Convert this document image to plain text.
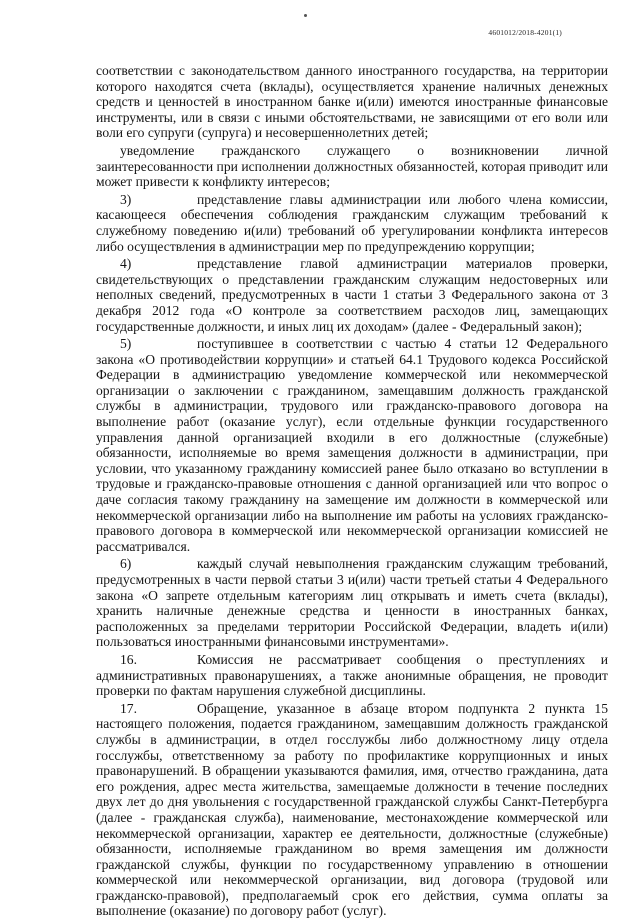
4601012/2018-4201(1)

соответствии с законодательством данного иностранного государства, на территории которого находятся счета (вклады), осуществляется хранение наличных денежных средств и ценностей в иностранном банке и(или) имеются иностранные финансовые инструменты, или в связи с иными обстоятельствами, не зависящими от его воли или воли его супруги (супруга) и несовершеннолетних детей;

уведомление гражданского служащего о возникновении личной заинтересованности при исполнении должностных обязанностей, которая приводит или может привести к конфликту интересов;

3)	представление главы администрации или любого члена комиссии, касающееся обеспечения соблюдения гражданским служащим требований к служебному поведению и(или) требований об урегулировании конфликта интересов либо осуществления в администрации мер по предупреждению коррупции;

4)	представление главой администрации материалов проверки, свидетельствующих о представлении гражданским служащим недостоверных или неполных сведений, предусмотренных в части 1 статьи 3 Федерального закона от 3 декабря 2012 года «О контроле за соответствием расходов лиц, замещающих государственные должности, и иных лиц их доходам» (далее - Федеральный закон);

5)	поступившее в соответствии с частью 4 статьи 12 Федерального закона «О противодействии коррупции» и статьей 64.1 Трудового кодекса Российской Федерации в администрацию уведомление коммерческой или некоммерческой организации о заключении с гражданином, замещавшим должность гражданской службы в администрации, трудового или гражданско-правового договора на выполнение работ (оказание услуг), если отдельные функции государственного управления данной организацией входили в его должностные (служебные) обязанности, исполняемые во время замещения должности в администрации, при условии, что указанному гражданину комиссией ранее было отказано во вступлении в трудовые и гражданско-правовые отношения с данной организацией или что вопрос о даче согласия такому гражданину на замещение им должности в коммерческой или некоммерческой организации либо на выполнение им работы на условиях гражданско-правового договора в коммерческой или некоммерческой организации комиссией не рассматривался.

6)	каждый случай невыполнения гражданским служащим требований, предусмотренных в части первой статьи 3 и(или) части третьей статьи 4 Федерального закона «О запрете отдельным категориям лиц открывать и иметь счета (вклады), хранить наличные денежные средства и ценности в иностранных банках, расположенных за пределами территории Российской Федерации, владеть и(или) пользоваться иностранными финансовыми инструментами».

16.	Комиссия не рассматривает сообщения о преступлениях и административных правонарушениях, а также анонимные обращения, не проводит проверки по фактам нарушения служебной дисциплины.

17.	Обращение, указанное в абзаце втором подпункта 2 пункта 15 настоящего положения, подается гражданином, замещавшим должность гражданской службы в администрации, в отдел госслужбы либо должностному лицу отдела госслужбы, ответственному за работу по профилактике коррупционных и иных правонарушений. В обращении указываются фамилия, имя, отчество гражданина, дата его рождения, адрес места жительства, замещаемые должности в течение последних двух лет до дня увольнения с государственной гражданской службы Санкт-Петербурга (далее - гражданская служба), наименование, местонахождение коммерческой или некоммерческой организации, характер ее деятельности, должностные (служебные) обязанности, исполняемые гражданином во время замещения им должности гражданской службы, функции по государственному управлению в отношении коммерческой или некоммерческой организации, вид договора (трудовой или гражданско-правовой), предполагаемый срок его действия, сумма оплаты за выполнение (оказание) по договору работ (услуг).
